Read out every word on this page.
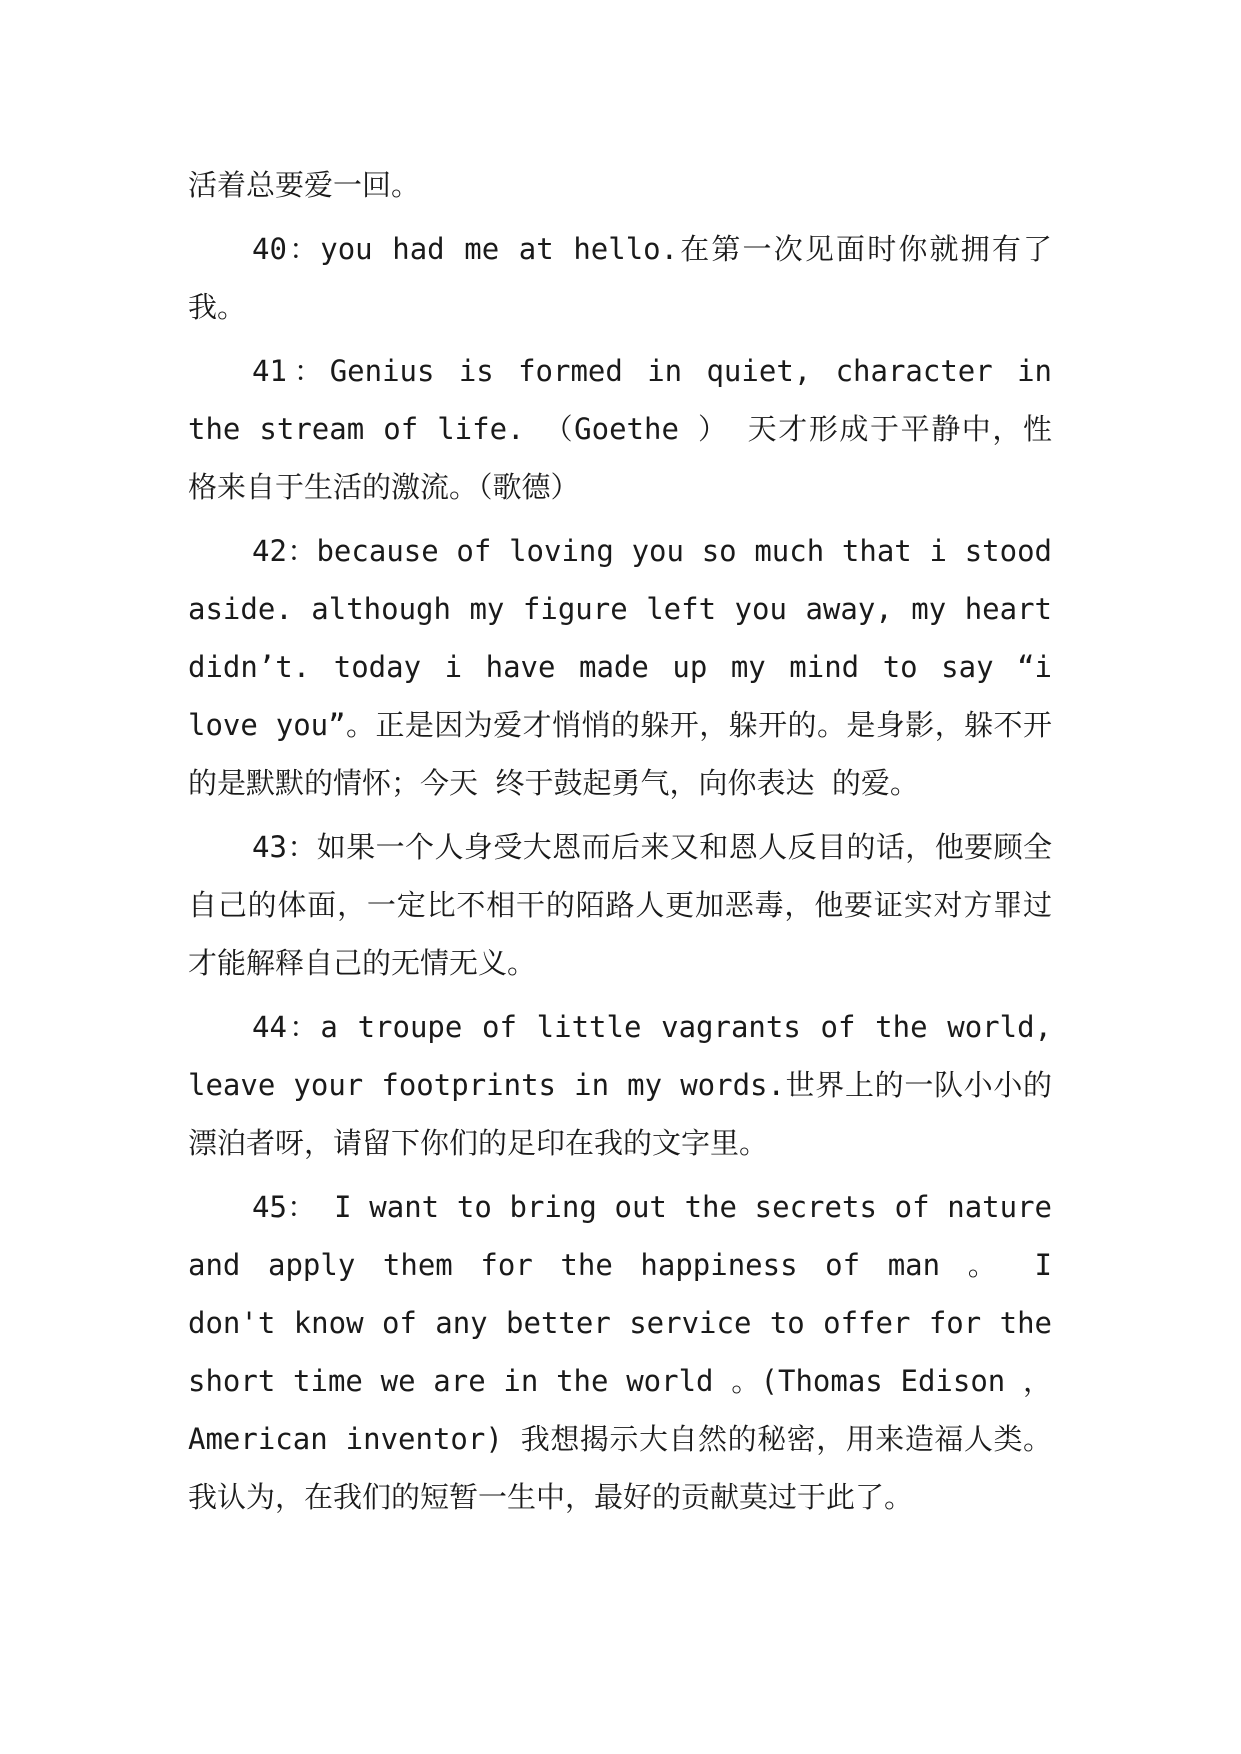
活着总要爱一回。

40：you had me at hello.在第一次见面时你就拥有了我。

41：Genius is formed in quiet, character in the stream of life. （Goethe ） 天才形成于平静中，性格来自于生活的激流。（歌德）

42：because of loving you so much that i stood aside. although my figure left you away, my heart didn’t. today i have made up my mind to say “i love you”。正是因为爱才悄悄的躲开，躲开的。是身影，躲不开的是默默的情怀；今天 终于鼓起勇气，向你表达 的爱。

43：如果一个人身受大恩而后来又和恩人反目的话，他要顾全自己的体面，一定比不相干的陌路人更加恶毒，他要证实对方罪过才能解释自己的无情无义。

44：a troupe of little vagrants of the world, leave your footprints in my words.世界上的一队小小的漂泊者呀，请留下你们的足印在我的文字里。

45： I want to bring out the secrets of nature and apply them for the happiness of man 。 I don't know of any better service to offer for the short time we are in the world 。(Thomas Edison ，American inventor) 我想揭示大自然的秘密，用来造福人类。我认为，在我们的短暂一生中，最好的贡献莫过于此了。
